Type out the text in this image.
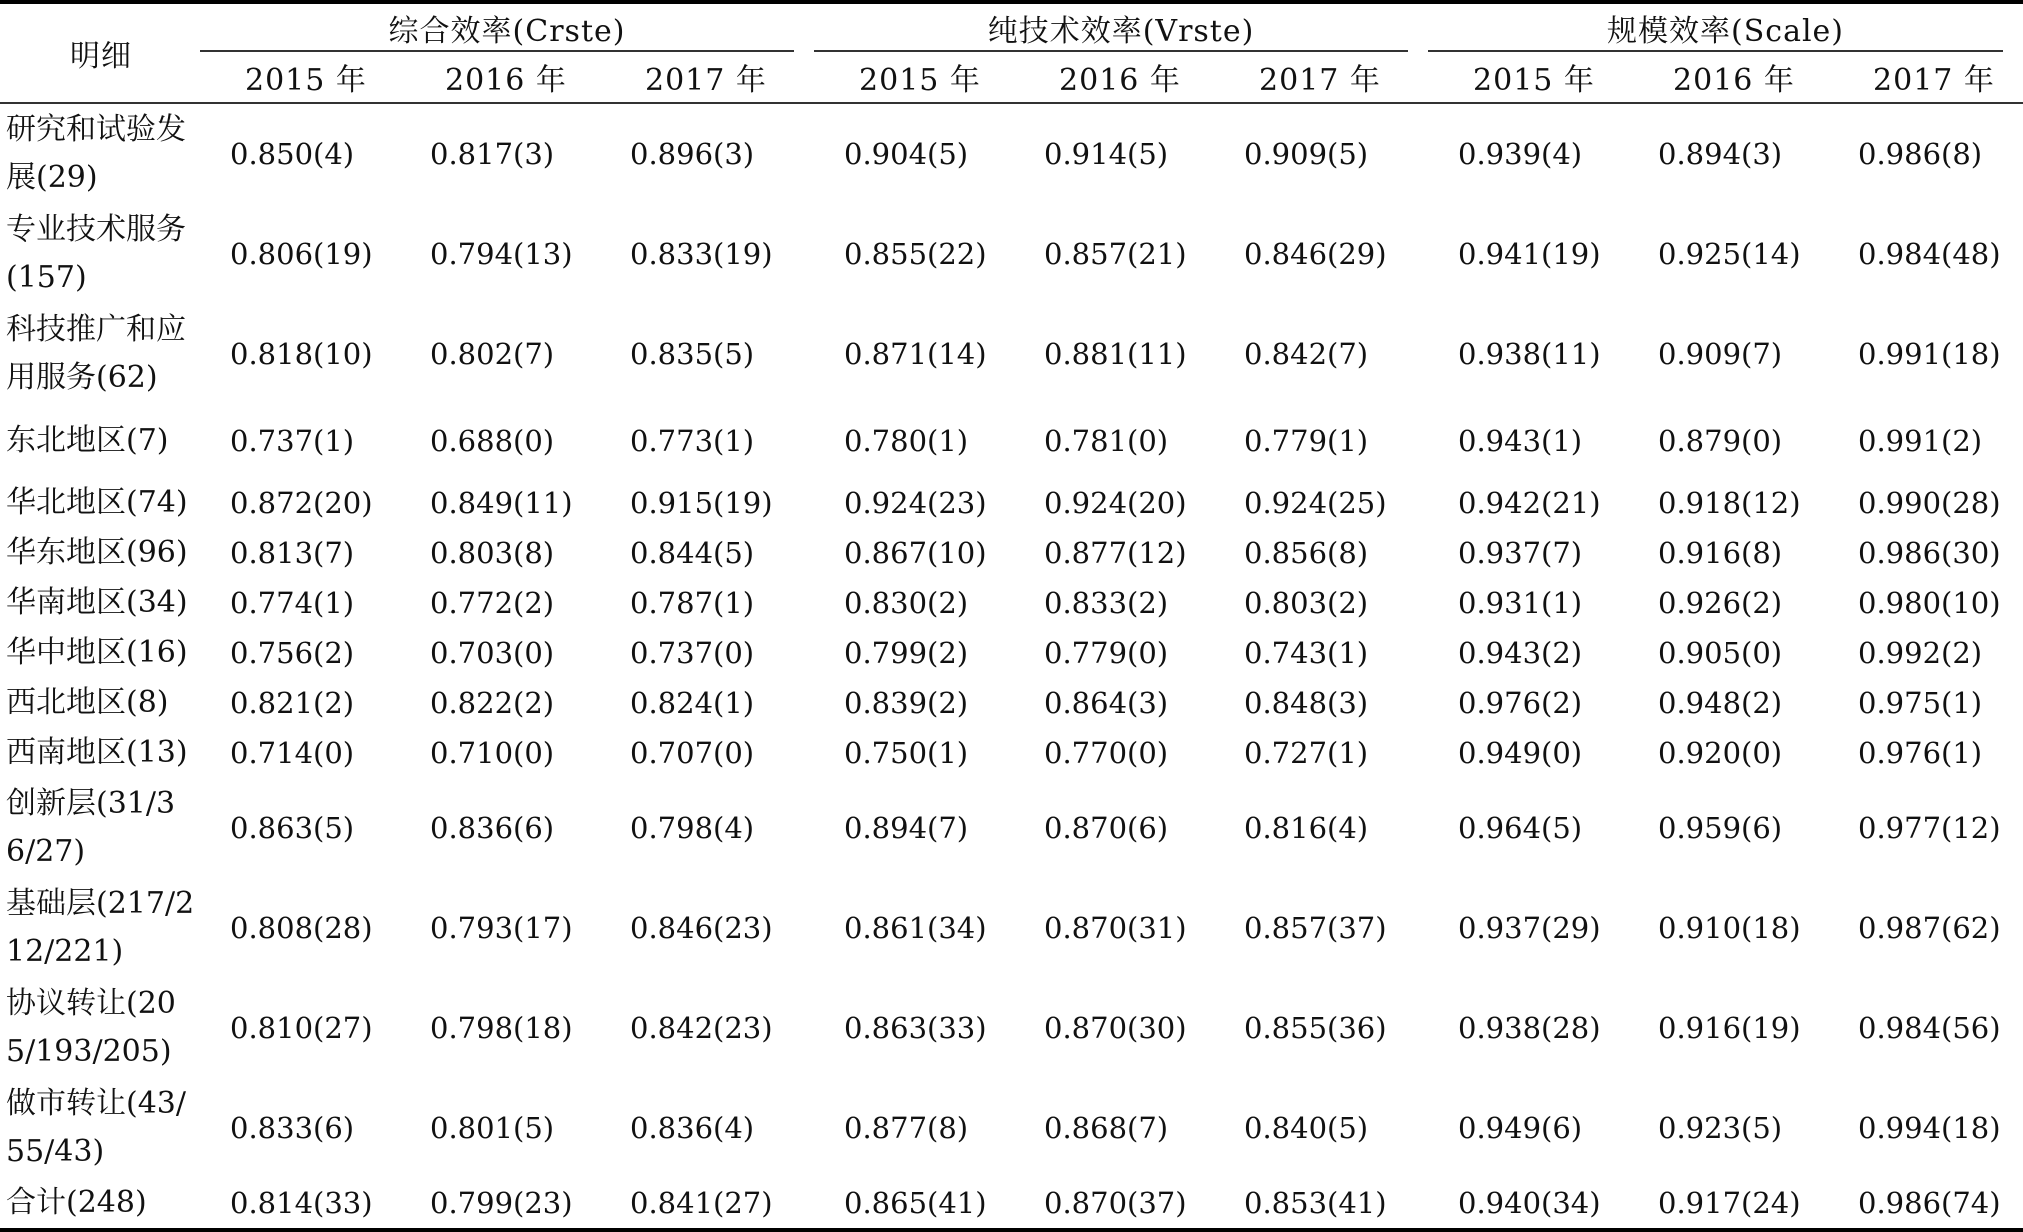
明细	综合效率(Crste)			纯技术效率(Vrste)			规模效率(Scale)		
	2015 年	2016 年	2017 年	2015 年	2016 年	2017 年	2015 年	2016 年	2017 年
研究和试验发展(29)	0.850(4)	0.817(3)	0.896(3)	0.904(5)	0.914(5)	0.909(5)	0.939(4)	0.894(3)	0.986(8)
专业技术服务(157)	0.806(19)	0.794(13)	0.833(19)	0.855(22)	0.857(21)	0.846(29)	0.941(19)	0.925(14)	0.984(48)
科技推广和应用服务(62)	0.818(10)	0.802(7)	0.835(5)	0.871(14)	0.881(11)	0.842(7)	0.938(11)	0.909(7)	0.991(18)
东北地区(7)	0.737(1)	0.688(0)	0.773(1)	0.780(1)	0.781(0)	0.779(1)	0.943(1)	0.879(0)	0.991(2)
华北地区(74)	0.872(20)	0.849(11)	0.915(19)	0.924(23)	0.924(20)	0.924(25)	0.942(21)	0.918(12)	0.990(28)
华东地区(96)	0.813(7)	0.803(8)	0.844(5)	0.867(10)	0.877(12)	0.856(8)	0.937(7)	0.916(8)	0.986(30)
华南地区(34)	0.774(1)	0.772(2)	0.787(1)	0.830(2)	0.833(2)	0.803(2)	0.931(1)	0.926(2)	0.980(10)
华中地区(16)	0.756(2)	0.703(0)	0.737(0)	0.799(2)	0.779(0)	0.743(1)	0.943(2)	0.905(0)	0.992(2)
西北地区(8)	0.821(2)	0.822(2)	0.824(1)	0.839(2)	0.864(3)	0.848(3)	0.976(2)	0.948(2)	0.975(1)
西南地区(13)	0.714(0)	0.710(0)	0.707(0)	0.750(1)	0.770(0)	0.727(1)	0.949(0)	0.920(0)	0.976(1)
创新层(31/36/27)	0.863(5)	0.836(6)	0.798(4)	0.894(7)	0.870(6)	0.816(4)	0.964(5)	0.959(6)	0.977(12)
基础层(217/212/221)	0.808(28)	0.793(17)	0.846(23)	0.861(34)	0.870(31)	0.857(37)	0.937(29)	0.910(18)	0.987(62)
协议转让(205/193/205)	0.810(27)	0.798(18)	0.842(23)	0.863(33)	0.870(30)	0.855(36)	0.938(28)	0.916(19)	0.984(56)
做市转让(43/55/43)	0.833(6)	0.801(5)	0.836(4)	0.877(8)	0.868(7)	0.840(5)	0.949(6)	0.923(5)	0.994(18)
合计(248)	0.814(33)	0.799(23)	0.841(27)	0.865(41)	0.870(37)	0.853(41)	0.940(34)	0.917(24)	0.986(74)
